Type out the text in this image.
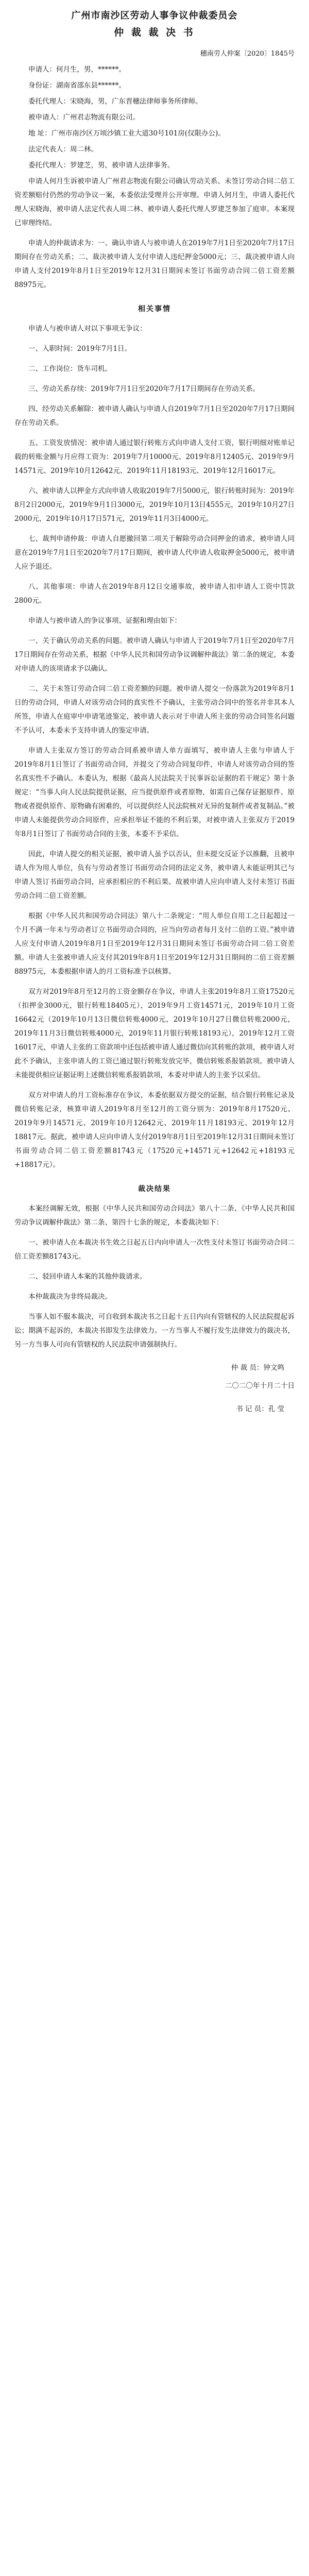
广州市南沙区劳动人事争议仲裁委员会

仲 裁 裁 决 书

穗南劳人仲案〔2020〕1845号

申请人：何月生，男，******。

身份证：湖南省邵东县******。

委托代理人：宋晓海，男，广东晋穗法律师事务所律师。

被申请人：广州君志物流有限公司。

地 址：广州市南沙区万顷沙镇工业大道30号101房(仅限办公)。

法定代表人：周二林。

委托代理人：罗建芝，男，被申请人法律事务。

申请人何月生诉被申请人广州君志物流有限公司确认劳动关系、未签订劳动合同二倍工资差额赔付仍然的劳动争议一案，本委依法受理并公开审理。申请人何月生，申请人委托代理人宋晓海，被申请人法定代表人周二林、被申请人委托代理人罗建芝参加了庭审。本案现已审理终结。

申请人的仲裁请求为：一、确认申请人与被申请人在2019年7月1日至2020年7月17日期间存在劳动关系；二、裁决被申请人支付申请人违纪押金5000元；三、裁决被申请人向申请人支付2019年8月1日至2019年12月31日期间未签订书面劳动合同二倍工资差额88975元。

相关事情

申请人与被申请人对以下事项无争议：

一、入职时间：2019年7月1日。

二、工作岗位：货车司机。

三、劳动关系存续：2019年7月1日至2020年7月17日期间存在劳动关系。

四、经劳动关系解除：被申请人确认与申请人自2019年7月1日至2020年7月17日期间存在劳动关系。

五、工资发放情况：被申请人通过银行转账方式向申请人支付工资，银行明细对账单记载的转账金额与月应得工资为：2019年7月10000元、2019年8月12405元、2019年9月14571元、2019年10月12642元、2019年11月18193元、2019年12月16017元。

六、被申请人以押金方式向申请人收取2019年7月5000元，银行转账时间为：2019年8月2日2000元，2019年9月1日3000元，2019年10月13日4555元，2019年10月27日2000元，2019年10月17日571元，2019年11月3日4000元。

七、裁判申请仲裁：申请人自愿撤回第二项关于解除劳动合同押金的请求，被申请人同意在2019年7月1日至2020年7月17日期间，被申请人代申请人收取押金5000元，被申请人应予退还。

八、其他事项：申请人在2019年8月12日交通事故，被申请人扣申请人工资中罚款2800元。

申请人与被申请人的争议事项、证据和理由如下：

一、关于确认劳动关系的问题。被申请人确认与申请人于2019年7月1日至2020年7月17日期间存在劳动关系，根据《中华人民共和国劳动争议调解仲裁法》第二条的规定，本委对申请人的该项请求予以确认。

二、关于未签订劳动合同二倍工资差额的问题。被申请人提交一份落款为2019年8月1日的劳动合同，申请人对该劳动合同的真实性不予确认，主张劳动合同中的签名并非其本人所签，申请人在庭审中申请笔迹鉴定，被申请人表示对于申请人所主张的劳动合同签名问题不予认可，本委未予支持申请人的鉴定申请。

申请人主张双方签订的劳动合同系被申请人单方面填写，被申请人主张与申请人于2019年8月1日签订了书面劳动合同，并提交了劳动合同复印件，申请人对该劳动合同的签名真实性不予确认。本委认为，根据《最高人民法院关于民事诉讼证据的若干规定》第十条规定：“当事人向人民法院提供证据，应当提供原件或者原物，如需自己保存证据原件、原物或者提供原件、原物确有困难的，可以提供经人民法院核对无异的复制件或者复制品。”被申请人未能提供劳动合同原件，应承担举证不能的不利后果，对被申请人主张双方于2019年8月1日签订了书面劳动合同的主张，本委不予采信。

因此，申请人提交的相关证据，被申请人虽予以否认，但未提交反证予以推翻，且被申请人作为用人单位，负有与劳动者签订书面劳动合同的法定义务，被申请人未能证明其已与申请人签订书面劳动合同，应承担相应的不利后果。故被申请人应向申请人支付未签订书面劳动合同二倍工资差额。

根据《中华人民共和国劳动合同法》第八十二条规定：“用人单位自用工之日起超过一个月不满一年未与劳动者订立书面劳动合同的，应当向劳动者每月支付二倍的工资。”被申请人应支付申请人2019年8月1日至2019年12月31日期间未签订书面劳动合同二倍工资差额。申请人主张被申请人应支付其2019年8月1日至2019年12月31日期间的二倍工资差额88975元，本委根据申请人的月工资标准予以核算。

双方对2019年8月至12月的工资金额存在争议，申请人主张2019年8月工资17520元（扣押金3000元，银行转账18405元），2019年9月工资14571元，2019年10月工资16642元（2019年10月13日微信转账4000元，2019年10月27日微信转账2000元，2019年11月3日微信转账4000元，2019年11月银行转账18193元），2019年12月工资16017元，申请人主张的工资款项中还包括被申请人通过微信向其转账的款项，被申请人对此不予确认，主张申请人的工资已通过银行转账发放完毕，微信转账系报销款项。被申请人未能提供相应证据证明上述微信转账系报销款项，本委对申请人的主张予以采信。

双方对申请人的月工资标准存在争议，本委依据双方提交的证据，结合银行转账记录及微信转账记录，核算申请人2019年8月至12月的工资分别为：2019年8月17520元、2019年9月14571元、2019年10月12642元、2019年11月18193元、2019年12月18817元。据此，被申请人应向申请人支付2019年8月1日至2019年12月31日期间未签订书面劳动合同二倍工资差额81743元（17520元+14571元+12642元+18193元+18817元）。

裁决结果

本案经调解无效，根据《中华人民共和国劳动合同法》第八十二条、《中华人民共和国劳动争议调解仲裁法》第二条、第四十七条的规定，本委裁决如下：

一、被申请人在本裁决书生效之日起五日内向申请人一次性支付未签订书面劳动合同二倍工资差额81743元。

二、驳回申请人本案的其他仲裁请求。

本仲裁裁决为非终局裁决。

当事人如不服本裁决，可自收到本裁决书之日起十五日内向有管辖权的人民法院提起诉讼；期满不起诉的，本裁决书即发生法律效力。一方当事人不履行发生法律效力的裁决书，另一方当事人可向有管辖权的人民法院申请强制执行。

仲 裁 员：钟文鸣

二〇二〇年十月二十日

书 记 员：孔 莹
